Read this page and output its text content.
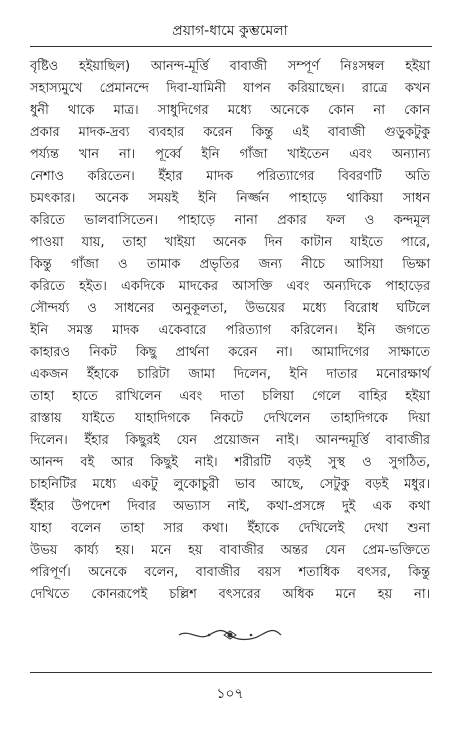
প্রয়াগ-ধামে কুম্ভমেলা
বৃষ্টিও হইয়াছিল) আনন্দ-মূর্ত্তি বাবাজী সম্পূর্ণ নিঃসম্বল হইয়া
সহাস্যমুখে প্রেমানন্দে দিবা-যামিনী যাপন করিয়াছেন। রাত্রে কখন
ধুনী থাকে মাত্র। সাধুদিগের মধ্যে অনেকে কোন না কোন
প্রকার মাদক-দ্রব্য ব্যবহার করেন কিন্তু এই বাবাজী গুড়ুকটুকু
পর্য্যন্ত খান না। পূর্ব্বে ইনি গাঁজা খাইতেন এবং অন্যান্য
নেশাও করিতেন। ইঁহার মাদক পরিত্যাগের বিবরণটি অতি
চমৎকার। অনেক সময়ই ইনি নির্জ্জন পাহাড়ে থাকিয়া সাধন
করিতে ভালবাসিতেন। পাহাড়ে নানা প্রকার ফল ও কন্দমূল
পাওয়া যায়, তাহা খাইয়া অনেক দিন কাটান যাইতে পারে,
কিন্তু গাঁজা ও তামাক প্রভৃতির জন্য নীচে আসিয়া ভিক্ষা
করিতে হইত। একদিকে মাদকের আসক্তি এবং অন্যদিকে পাহাড়ের
সৌন্দর্য্য ও সাধনের অনুকূলতা, উভয়ের মধ্যে বিরোধ ঘটিলে
ইনি সমস্ত মাদক একেবারে পরিত্যাগ করিলেন। ইনি জগতে
কাহারও নিকট কিছু প্রার্থনা করেন না। আমাদিগের সাক্ষাতে
একজন ইঁহাকে চারিটা জামা দিলেন, ইনি দাতার মনোরক্ষার্থ
তাহা হাতে রাখিলেন এবং দাতা চলিয়া গেলে বাহির হইয়া
রাস্তায় যাইতে যাহাদিগকে নিকটে দেখিলেন তাহাদিগকে দিয়া
দিলেন। ইঁহার কিছুরই যেন প্রয়োজন নাই। আনন্দমূর্ত্তি বাবাজীর
আনন্দ বই আর কিছুই নাই। শরীরটি বড়ই সুস্থ ও সুগঠিত,
চাহনিটির মধ্যে একটু লুকোচুরী ভাব আছে, সেটুকু বড়ই মধুর।
ইঁহার উপদেশ দিবার অভ্যাস নাই, কথা-প্রসঙ্গে দুই এক কথা
যাহা বলেন তাহা সার কথা। ইঁহাকে দেখিলেই দেখা শুনা
উভয় কার্য্য হয়। মনে হয় বাবাজীর অন্তর যেন প্রেম-ভক্তিতে
পরিপূর্ণ। অনেকে বলেন, বাবাজীর বয়স শতাধিক বৎসর, কিন্তু
দেখিতে কোনরূপেই চল্লিশ বৎসরের অধিক মনে হয় না।
১০৭
